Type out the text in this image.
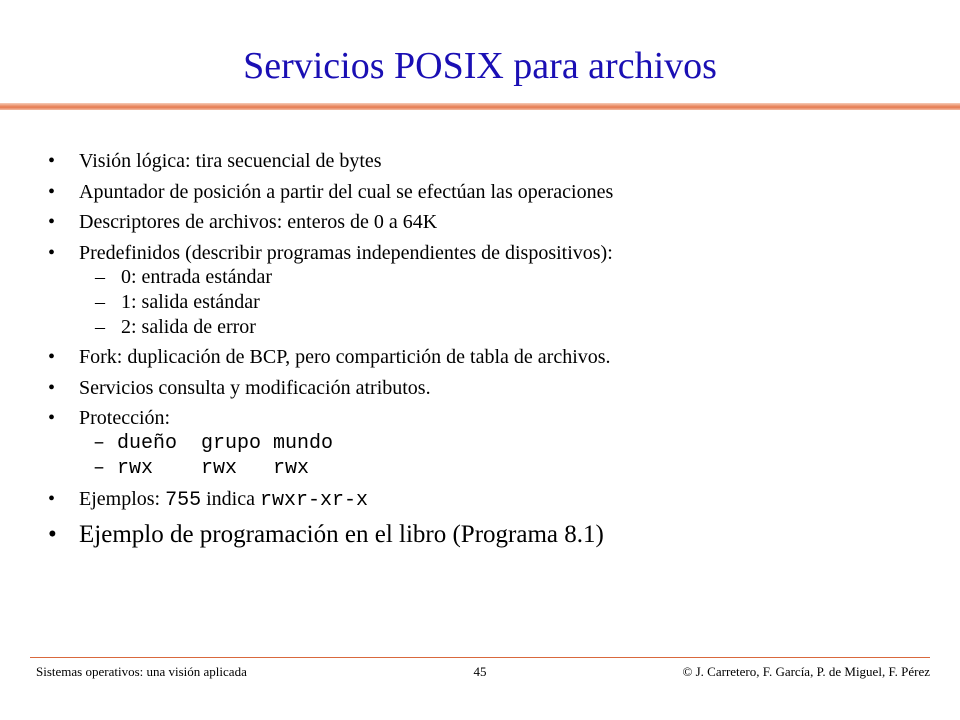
Servicios POSIX para archivos
• Visión lógica: tira secuencial de bytes
• Apuntador de posición a partir del cual se efectúan las operaciones
• Descriptores de archivos: enteros de 0 a 64K
• Predefinidos (describir programas independientes de dispositivos):
– 0: entrada estándar
– 1: salida estándar
– 2: salida de error
• Fork: duplicación de BCP, pero compartición de tabla de archivos.
• Servicios consulta y modificación atributos.
• Protección:
– dueño  grupo mundo
– rwx    rwx   rwx
• Ejemplos: 755 indica rwxr-xr-x
• Ejemplo de programación en el libro (Programa 8.1)
Sistemas operativos: una visión aplicada	45	© J. Carretero, F. García, P. de Miguel, F. Pérez
